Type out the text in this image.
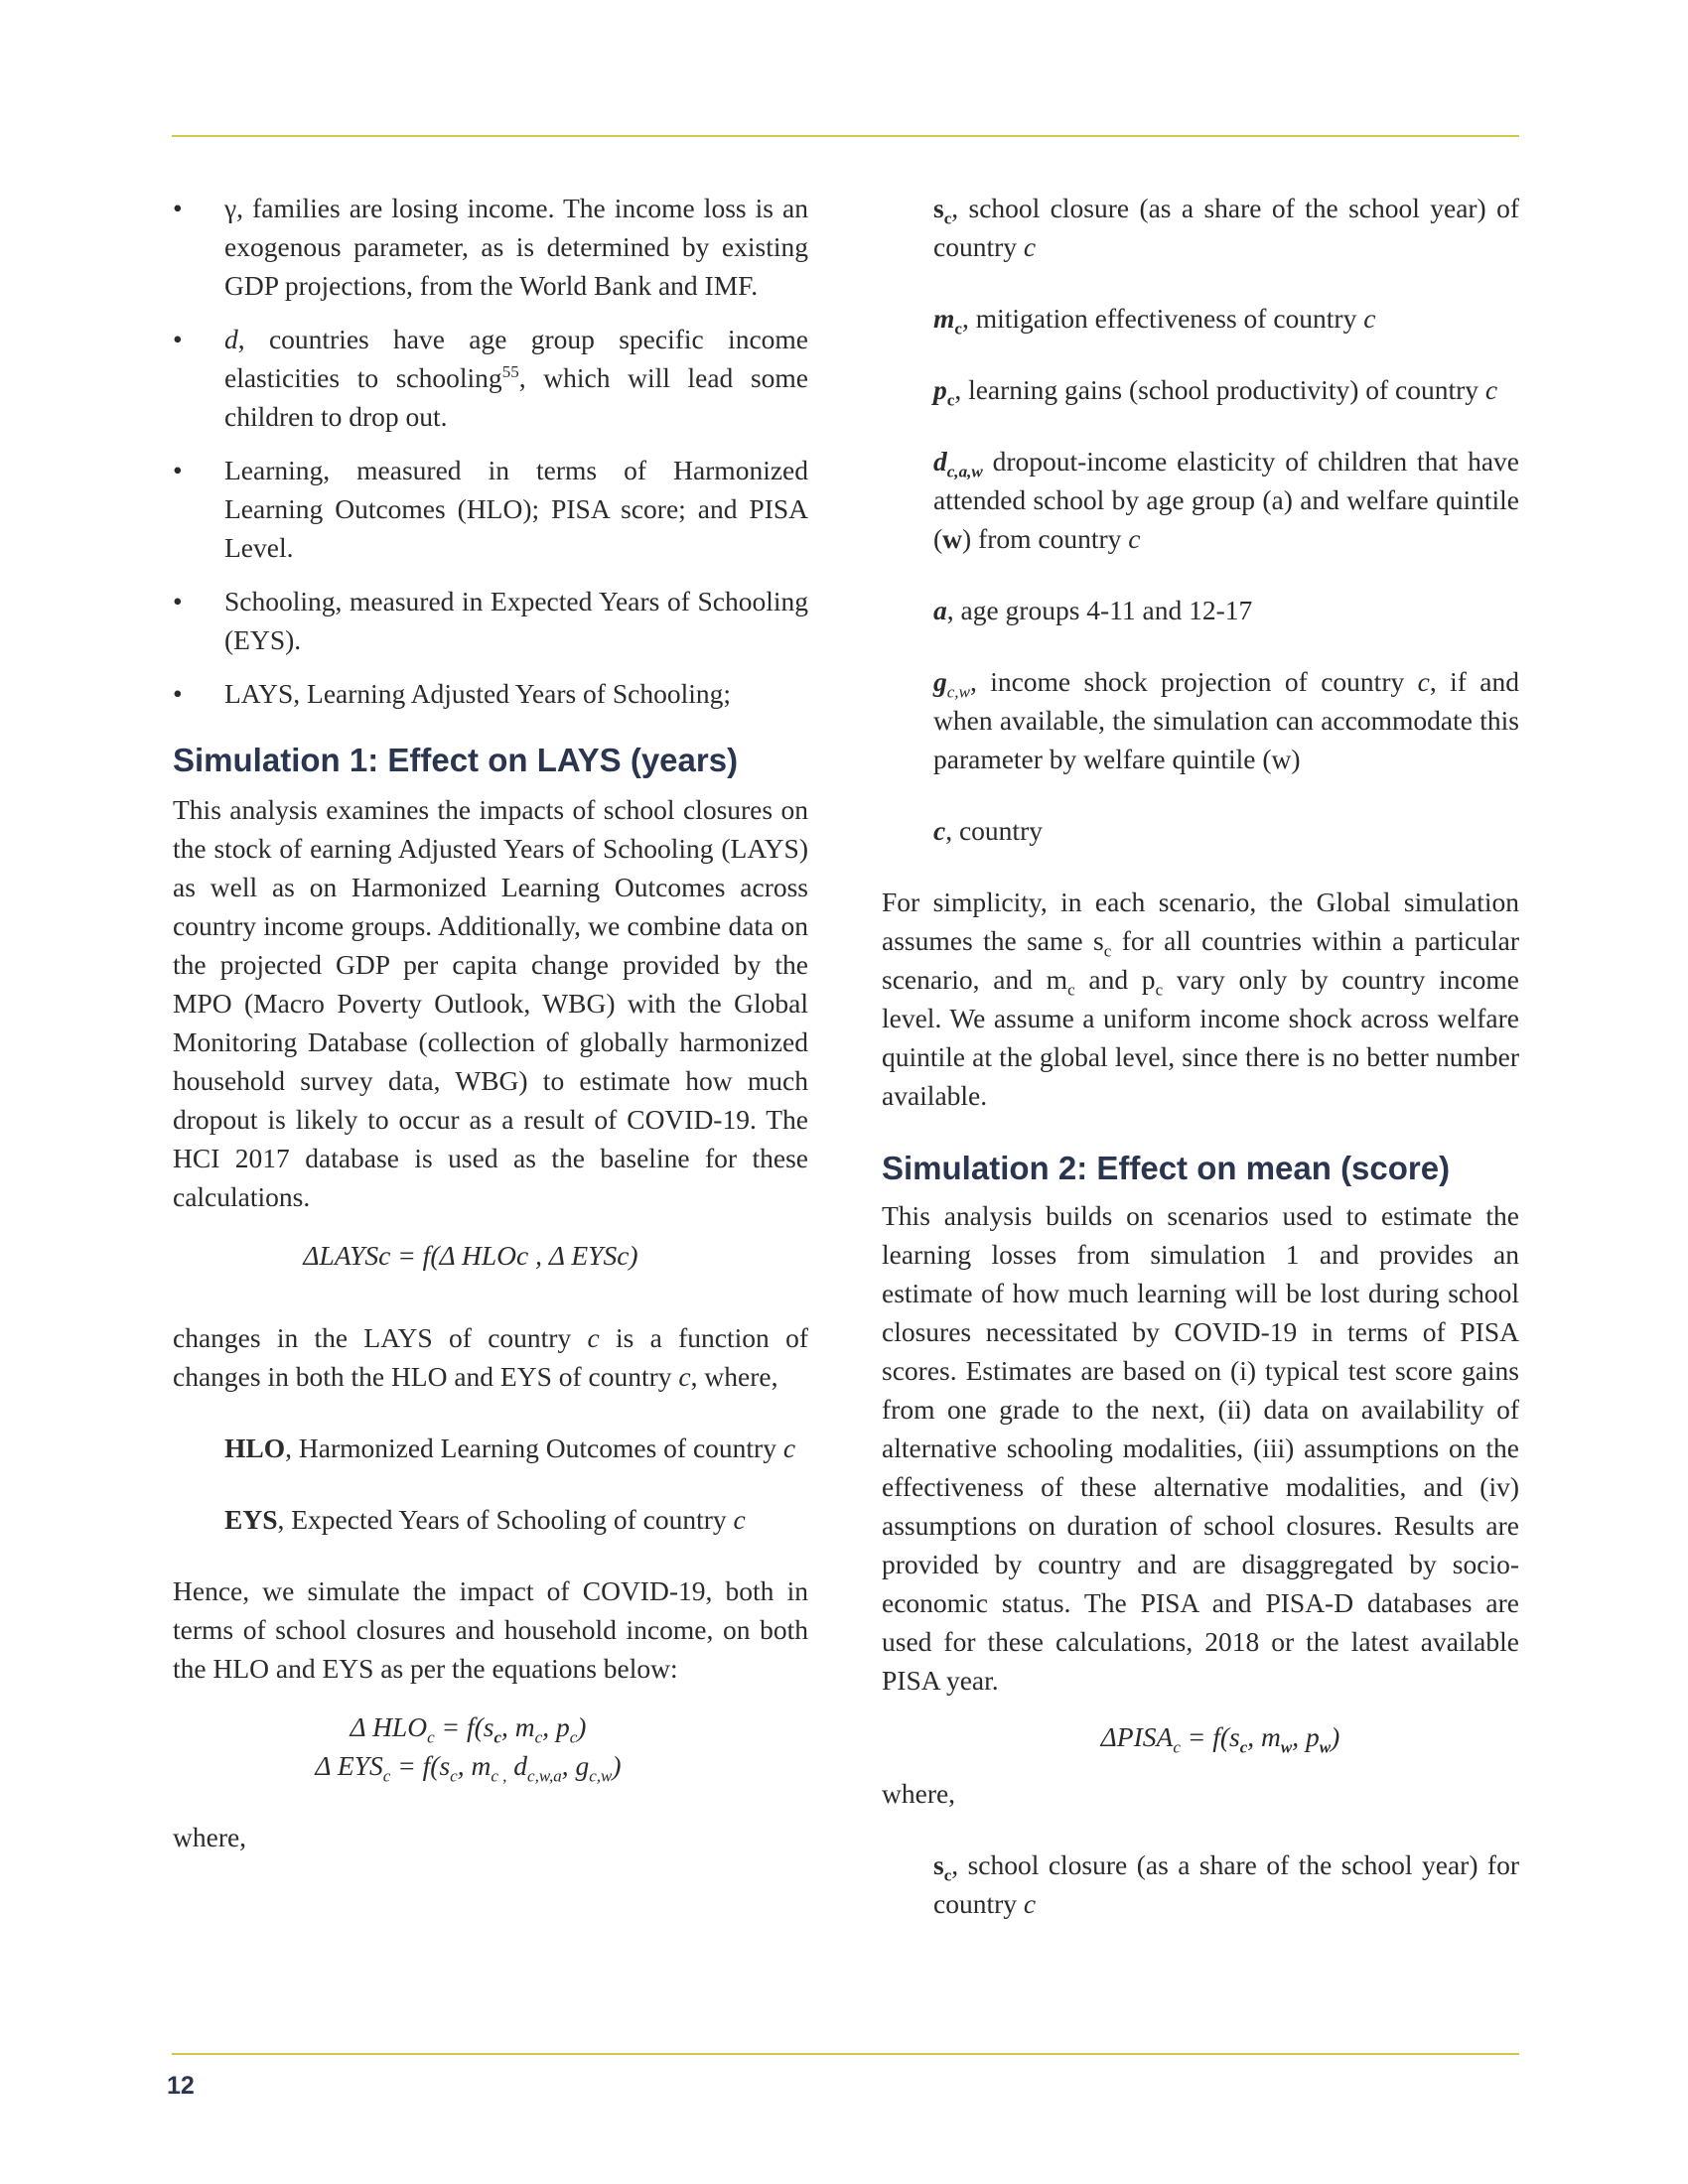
• γ, families are losing income. The income loss is an exogenous parameter, as is determined by existing GDP projections, from the World Bank and IMF.
• d, countries have age group specific income elasticities to schooling$^{55}$, which will lead some children to drop out.
• Learning, measured in terms of Harmonized Learning Outcomes (HLO); PISA score; and PISA Level.
• Schooling, measured in Expected Years of Schooling (EYS).
• LAYS, Learning Adjusted Years of Schooling;
Simulation 1: Effect on LAYS (years)

This analysis examines the impacts of school closures on the stock of earning Adjusted Years of Schooling (LAYS) as well as on Harmonized Learning Outcomes across country income groups. Additionally, we combine data on the projected GDP per capita change provided by the MPO (Macro Poverty Outlook, WBG) with the Global Monitoring Database (collection of globally harmonized household survey data, WBG) to estimate how much dropout is likely to occur as a result of COVID-19. The HCI 2017 database is used as the baseline for these calculations.

ΔLAYSc = f(Δ HLOc , Δ EYSc)

changes in the LAYS of country c is a function of changes in both the HLO and EYS of country c, where,

HLO, Harmonized Learning Outcomes of country c

EYS, Expected Years of Schooling of country c

Hence, we simulate the impact of COVID-19, both in terms of school closures and household income, on both the HLO and EYS as per the equations below:

Δ $HLO_c = f(s_c$, $m_c$, $p_c$)

Δ $EYS_c = f(s_c$, $m_{c ,}$ $d_{c,w,a}$, $g_{c,w}$)

where,

$s_c$, school closure (as a share of the school year) of country c

$m_c$, mitigation effectiveness of country c

$p_c$, learning gains (school productivity) of country c

$d_{c,a,w}$ dropout-income elasticity of children that have attended school by age group (a) and welfare quintile (w) from country c

a, age groups 4-11 and 12-17

$g_{c,w}$, income shock projection of country c, if and when available, the simulation can accommodate this parameter by welfare quintile (w)

c, country

For simplicity, in each scenario, the Global simulation assumes the same $s_c$ for all countries within a particular scenario, and $m_c$ and $p_c$ vary only by country income level. We assume a uniform income shock across welfare quintile at the global level, since there is no better number available.

Simulation 2: Effect on mean (score)

This analysis builds on scenarios used to estimate the learning losses from simulation 1 and provides an estimate of how much learning will be lost during school closures necessitated by COVID-19 in terms of PISA scores. Estimates are based on (i) typical test score gains from one grade to the next, (ii) data on availability of alternative schooling modalities, (iii) assumptions on the effectiveness of these alternative modalities, and (iv) assumptions on duration of school closures. Results are provided by country and are disaggregated by socio-economic status. The PISA and PISA-D databases are used for these calculations, 2018 or the latest available PISA year.

$\Delta PISA_c = f(s_c$, $m_w$, $p_w$)

where,

$s_c$, school closure (as a share of the school year) for country c

12
